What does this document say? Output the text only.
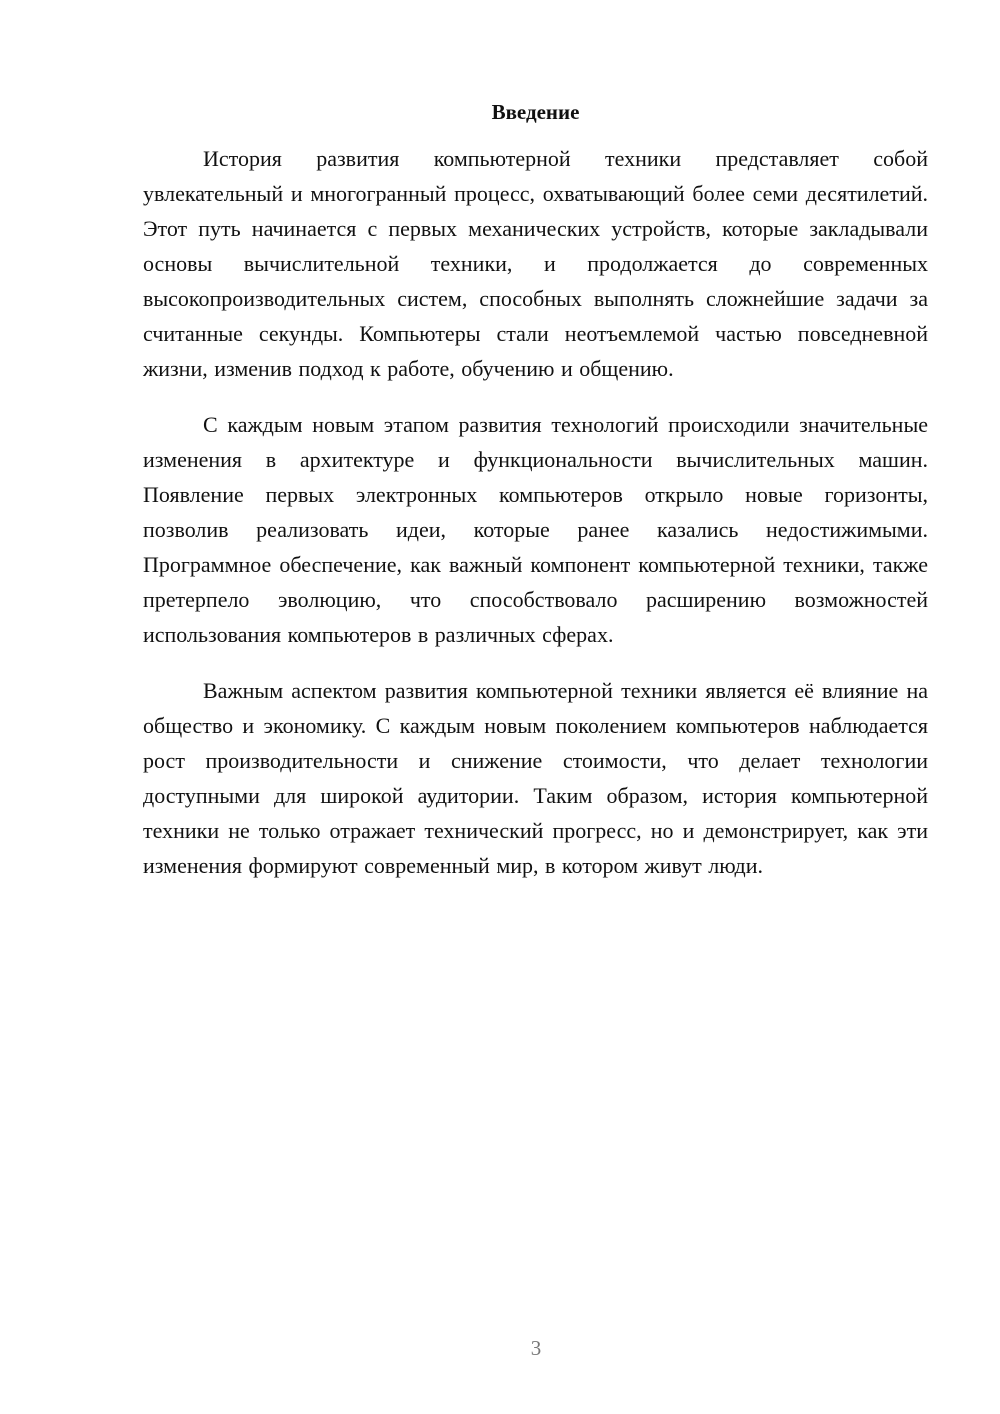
Введение

История развития компьютерной техники представляет собой увлекательный и многогранный процесс, охватывающий более семи десятилетий. Этот путь начинается с первых механических устройств, которые закладывали основы вычислительной техники, и продолжается до современных высокопроизводительных систем, способных выполнять сложнейшие задачи за считанные секунды. Компьютеры стали неотъемлемой частью повседневной жизни, изменив подход к работе, обучению и общению.

С каждым новым этапом развития технологий происходили значительные изменения в архитектуре и функциональности вычислительных машин. Появление первых электронных компьютеров открыло новые горизонты, позволив реализовать идеи, которые ранее казались недостижимыми. Программное обеспечение, как важный компонент компьютерной техники, также претерпело эволюцию, что способствовало расширению возможностей использования компьютеров в различных сферах.

Важным аспектом развития компьютерной техники является её влияние на общество и экономику. С каждым новым поколением компьютеров наблюдается рост производительности и снижение стоимости, что делает технологии доступными для широкой аудитории. Таким образом, история компьютерной техники не только отражает технический прогресс, но и демонстрирует, как эти изменения формируют современный мир, в котором живут люди.

3
